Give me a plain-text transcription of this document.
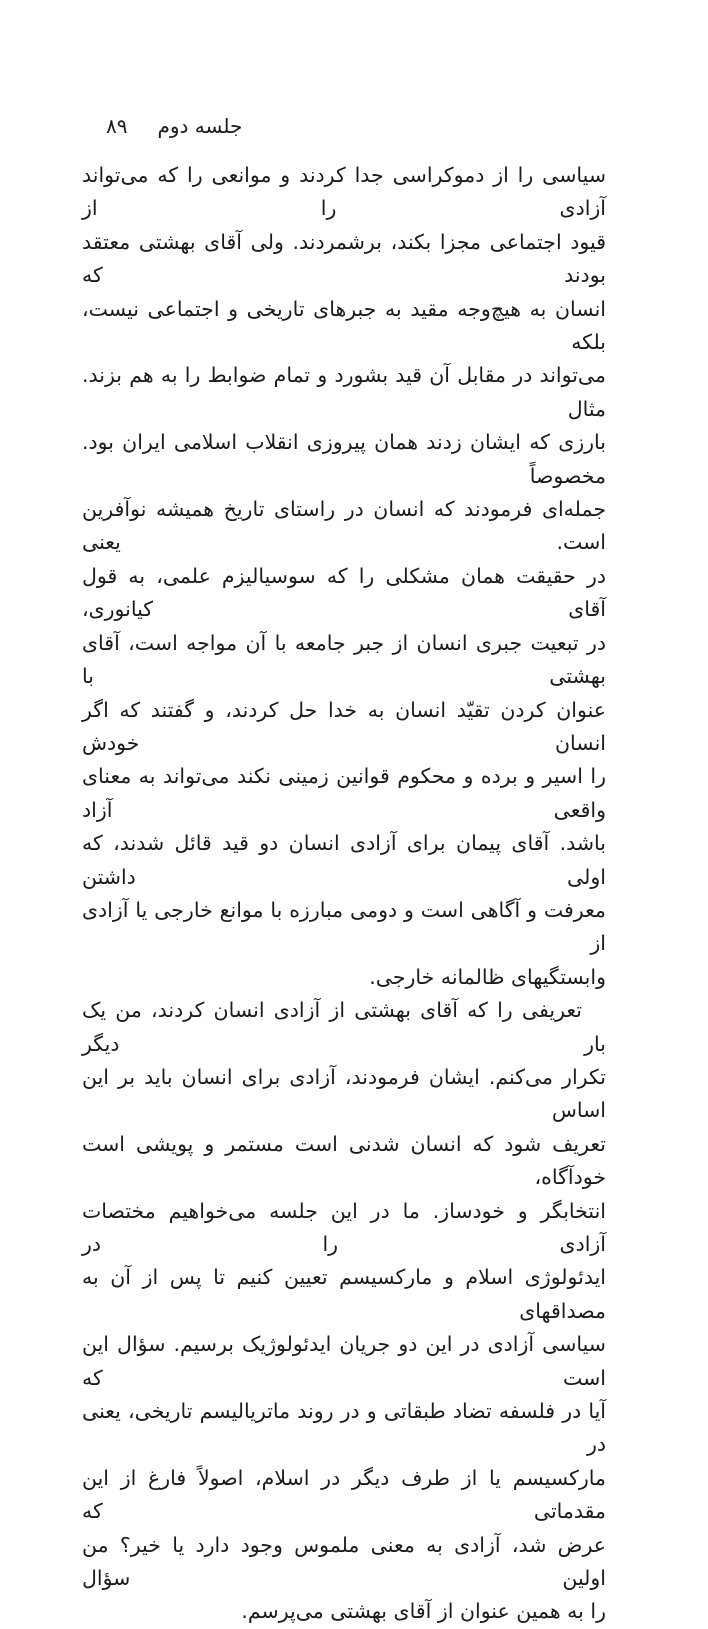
جلسه دوم
۸۹
سیاسی را از دموکراسی جدا کردند و موانعی را که می‌تواند آزادی را از
قیود اجتماعی مجزا بکند، برشمردند. ولی آقای بهشتی معتقد بودند که
انسان به هیچ‌وجه مقید به جبرهای تاریخی و اجتماعی نیست، بلکه
می‌تواند در مقابل آن قید بشورد و تمام ضوابط را به هم بزند. مثال
بارزی که ایشان زدند همان پیروزی انقلاب اسلامی ایران بود. مخصوصاً
جمله‌ای فرمودند که انسان در راستای تاریخ همیشه نوآفرین است. یعنی
در حقیقت همان مشکلی را که سوسیالیزم علمی، به قول آقای کیانوری،
در تبعیت جبری انسان از جبر جامعه با آن مواجه است، آقای بهشتی با
عنوان کردن تقیّد انسان به خدا حل کردند، و گفتند که اگر انسان خودش
را اسیر و برده و محکوم قوانین زمینی نکند می‌تواند به معنای واقعی آزاد
باشد. آقای پیمان برای آزادی انسان دو قید قائل شدند، که اولی داشتن
معرفت و آگاهی است و دومی مبارزه با موانع خارجی یا آزادی از
وابستگیهای ظالمانه خارجی.
تعریفی را که آقای بهشتی از آزادی انسان کردند، من یک بار دیگر
تکرار می‌کنم. ایشان فرمودند، آزادی برای انسان باید بر این اساس
تعریف شود که انسان شدنی است مستمر و پویشی است خودآگاه،
انتخابگر و خودساز. ما در این جلسه می‌خواهیم مختصات آزادی را در
ایدئولوژی اسلام و مارکسیسم تعیین کنیم تا پس از آن به مصداقهای
سیاسی آزادی در این دو جریان ایدئولوژیک برسیم. سؤال این است که
آیا در فلسفه تضاد طبقاتی و در روند ماتریالیسم تاریخی، یعنی در
مارکسیسم یا از طرف دیگر در اسلام، اصولاً فارغ از این مقدماتی که
عرض شد، آزادی به معنی ملموس وجود دارد یا خیر؟ من اولین سؤال
را به همین عنوان از آقای بهشتی می‌پرسم.
